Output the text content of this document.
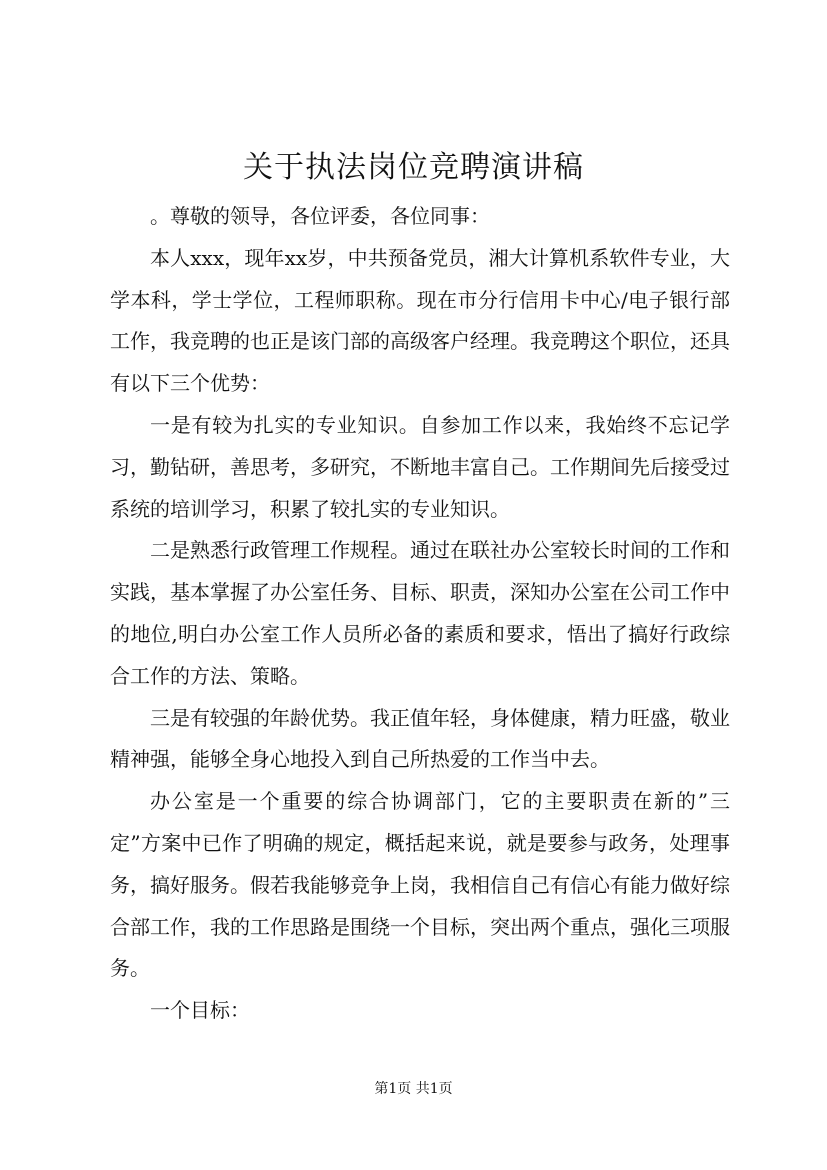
关于执法岗位竞聘演讲稿

。尊敬的领导，各位评委，各位同事：

本人xxx，现年xx岁，中共预备党员，湘大计算机系软件专业，大学本科，学士学位，工程师职称。现在市分行信用卡中心/电子银行部工作，我竞聘的也正是该门部的高级客户经理。我竞聘这个职位，还具有以下三个优势：

一是有较为扎实的专业知识。自参加工作以来，我始终不忘记学习，勤钻研，善思考，多研究，不断地丰富自己。工作期间先后接受过系统的培训学习，积累了较扎实的专业知识。

二是熟悉行政管理工作规程。通过在联社办公室较长时间的工作和实践，基本掌握了办公室任务、目标、职责，深知办公室在公司工作中的地位,明白办公室工作人员所必备的素质和要求，悟出了搞好行政综合工作的方法、策略。

三是有较强的年龄优势。我正值年轻，身体健康，精力旺盛，敬业精神强，能够全身心地投入到自己所热爱的工作当中去。

办公室是一个重要的综合协调部门，它的主要职责在新的”三定”方案中已作了明确的规定，概括起来说，就是要参与政务，处理事务，搞好服务。假若我能够竞争上岗，我相信自己有信心有能力做好综合部工作，我的工作思路是围绕一个目标，突出两个重点，强化三项服务。

一个目标：

第1页 共1页
